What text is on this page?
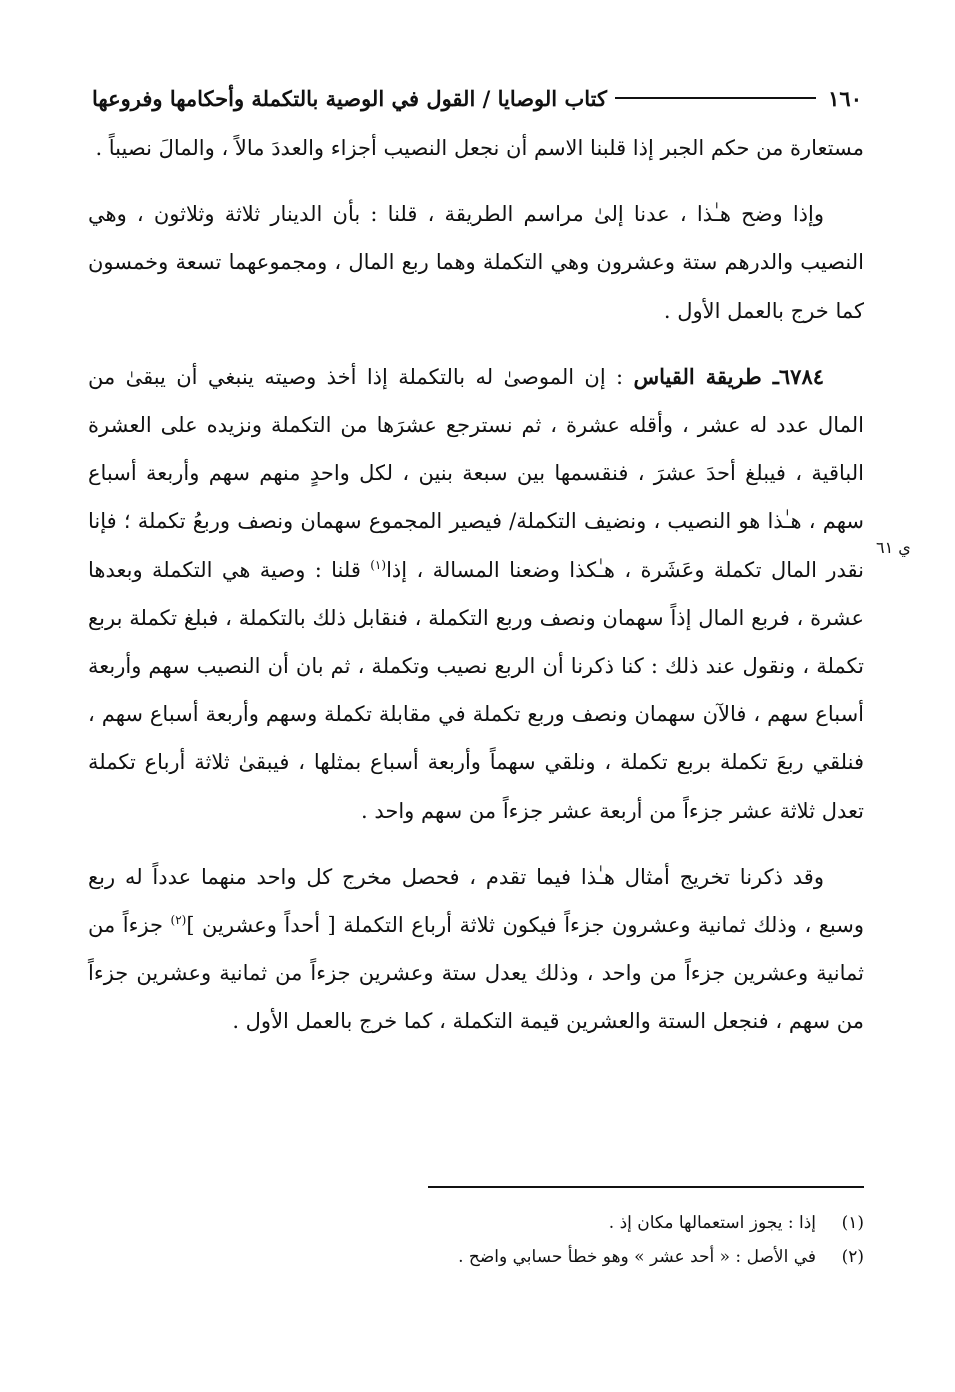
١٦٠
كتاب الوصايا / القول في الوصية بالتكملة وأحكامها وفروعها
ي ٦١

مستعارة من حكم الجبر إذا قلبنا الاسم أن نجعل النصيب أجزاء والعددَ مالاً ، والمالَ نصيباً .

وإذا وضح هـٰذا ، عدنا إلىٰ مراسم الطريقة ، قلنا : بأن الدينار ثلاثة وثلاثون ، وهي النصيب والدرهم ستة وعشرون وهي التكملة وهما ربع المال ، ومجموعهما تسعة وخمسون كما خرج بالعمل الأول .

٦٧٨٤ـ طريقة القياس : إن الموصىٰ له بالتكملة إذا أخذ وصيته ينبغي أن يبقىٰ من المال عدد له عشر ، وأقله عشرة ، ثم نسترجع عشرَها من التكملة ونزيده على العشرة الباقية ، فيبلغ أحدَ عشرَ ، فنقسمها بين سبعة بنين ، لكل واحدٍ منهم سهم وأربعة أسباع سهم ، هـٰذا هو النصيب ، ونضيف التكملة/ فيصير المجموع سهمان ونصف وربعُ تكملة ؛ فإنا نقدر المال تكملة وعَشَرة ، هـٰكذا وضعنا المسالة ، إذا$^{(١)}$ قلنا : وصية هي التكملة وبعدها عشرة ، فربع المال إذاً سهمان ونصف وربع التكملة ، فنقابل ذلك بالتكملة ، فبلغ تكملة بربع تكملة ، ونقول عند ذلك : كنا ذكرنا أن الربع نصيب وتكملة ، ثم بان أن النصيب سهم وأربعة أسباع سهم ، فالآن سهمان ونصف وربع تكملة في مقابلة تكملة وسهم وأربعة أسباع سهم ، فنلقي ربعَ تكملة بربع تكملة ، ونلقي سهماً وأربعة أسباع بمثلها ، فيبقىٰ ثلاثة أرباع تكملة تعدل ثلاثة عشر جزءاً من أربعة عشر جزءاً من سهم واحد .

وقد ذكرنا تخريج أمثال هـٰذا فيما تقدم ، فحصل مخرج كل واحد منهما عدداً له ربع وسبع ، وذلك ثمانية وعشرون جزءاً فيكون ثلاثة أرباع التكملة [ أحداً وعشرين ]$^{(٢)}$ جزءاً من ثمانية وعشرين جزءاً من واحد ، وذلك يعدل ستة وعشرين جزءاً من ثمانية وعشرين جزءاً من سهم ، فنجعل الستة والعشرين قيمة التكملة ، كما خرج بالعمل الأول .

(١)
إذا : يجوز استعمالها مكان إذ .
(٢)
في الأصل : « أحد عشر » وهو خطأ حسابي واضح .
